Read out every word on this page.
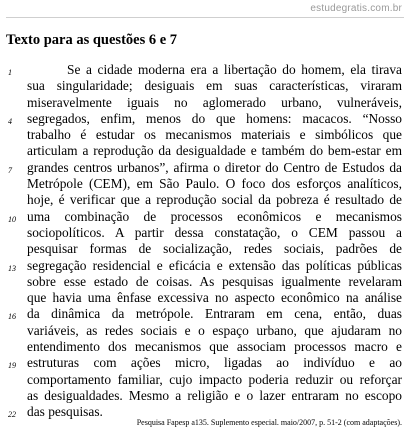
estudegratis.com.br
Texto para as questões 6 e 7
1	Se a cidade moderna era a libertação do homem, ela tirava
sua singularidade; desiguais em suas características, viraram
miseravelmente iguais no aglomerado urbano, vulneráveis,
4 segregados, enfim, menos do que homens: macacos. “Nosso
trabalho é estudar os mecanismos materiais e simbólicos que
articulam a reprodução da desigualdade e também do bem-estar em
7 grandes centros urbanos”, afirma o diretor do Centro de Estudos da
Metrópole (CEM), em São Paulo. O foco dos esforços analíticos,
hoje, é verificar que a reprodução social da pobreza é resultado de
10 uma combinação de processos econômicos e mecanismos
sociopolíticos. A partir dessa constatação, o CEM passou a
pesquisar formas de socialização, redes sociais, padrões de
13 segregação residencial e eficácia e extensão das políticas públicas
sobre esse estado de coisas. As pesquisas igualmente revelaram
que havia uma ênfase excessiva no aspecto econômico na análise
16 da dinâmica da metrópole. Entraram em cena, então, duas
variáveis, as redes sociais e o espaço urbano, que ajudaram no
entendimento dos mecanismos que associam processos macro e
19 estruturas com ações micro, ligadas ao indivíduo e ao
comportamento familiar, cujo impacto poderia reduzir ou reforçar
as desigualdades. Mesmo a religião e o lazer entraram no escopo
22 das pesquisas.
Pesquisa Fapesp a135. Suplemento especial. maio/2007, p. 51-2 (com adaptações).
